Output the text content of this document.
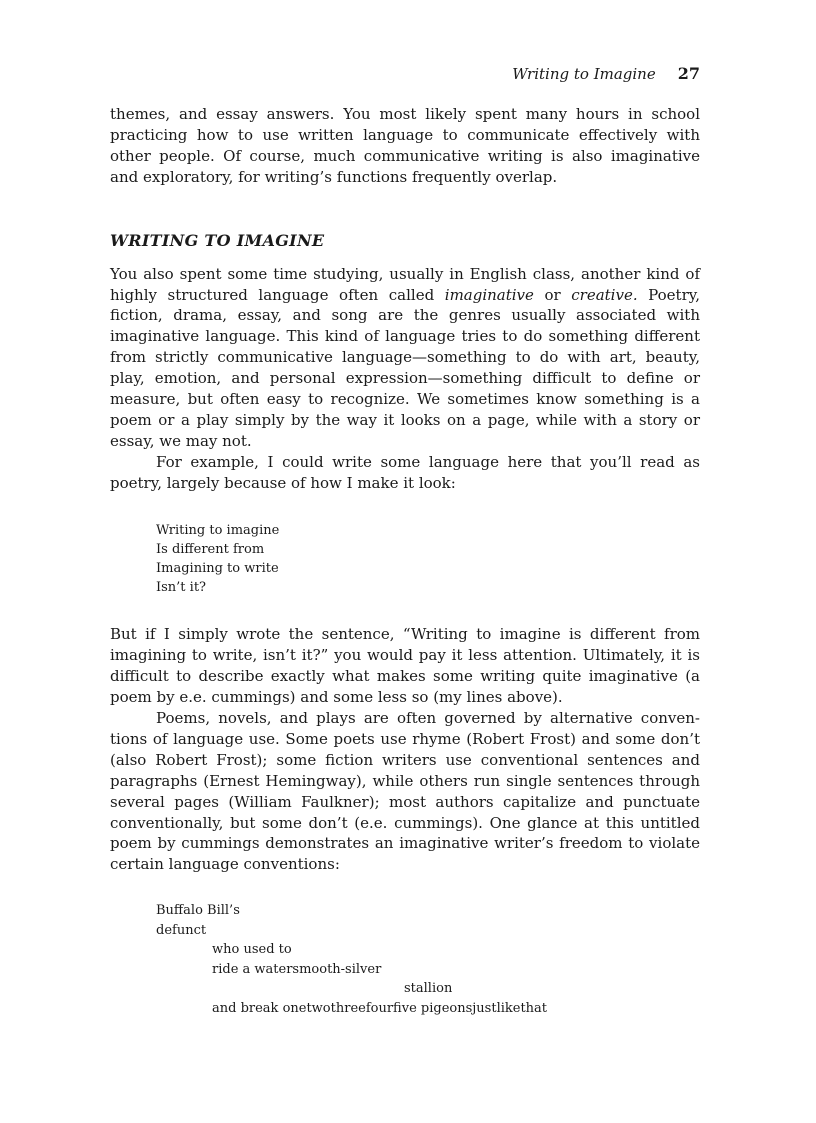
Writing to Imagine 27

themes, and essay answers. You most likely spent many hours in school practicing how to use written language to communicate effectively with other people. Of course, much communicative writing is also imaginative and exploratory, for writing’s functions frequently overlap.

WRITING TO IMAGINE

You also spent some time studying, usually in English class, another kind of highly structured language often called imaginative or creative. Poetry, fiction, drama, essay, and song are the genres usually associated with imaginative language. This kind of language tries to do something different from strictly communicative language—something to do with art, beauty, play, emotion, and personal expression—something difficult to define or measure, but often easy to recognize. We sometimes know something is a poem or a play simply by the way it looks on a page, while with a story or essay, we may not.

For example, I could write some language here that you’ll read as poetry, largely because of how I make it look:

Writing to imagine
Is different from
Imagining to write
Isn’t it?

But if I simply wrote the sentence, “Writing to imagine is different from imagining to write, isn’t it?” you would pay it less attention. Ultimately, it is difficult to describe exactly what makes some writing quite imaginative (a poem by e.e. cummings) and some less so (my lines above).

Poems, novels, and plays are often governed by alternative conventions of language use. Some poets use rhyme (Robert Frost) and some don’t (also Robert Frost); some fiction writers use conventional sentences and paragraphs (Ernest Hemingway), while others run single sentences through several pages (William Faulkner); most authors capitalize and punctuate conventionally, but some don’t (e.e. cummings). One glance at this untitled poem by cummings demonstrates an imaginative writer’s freedom to violate certain language conventions:

Buffalo Bill’s
defunct
who used to
ride a watersmooth-silver
stallion
and break onetwothreefourfive pigeonsjustlikethat
